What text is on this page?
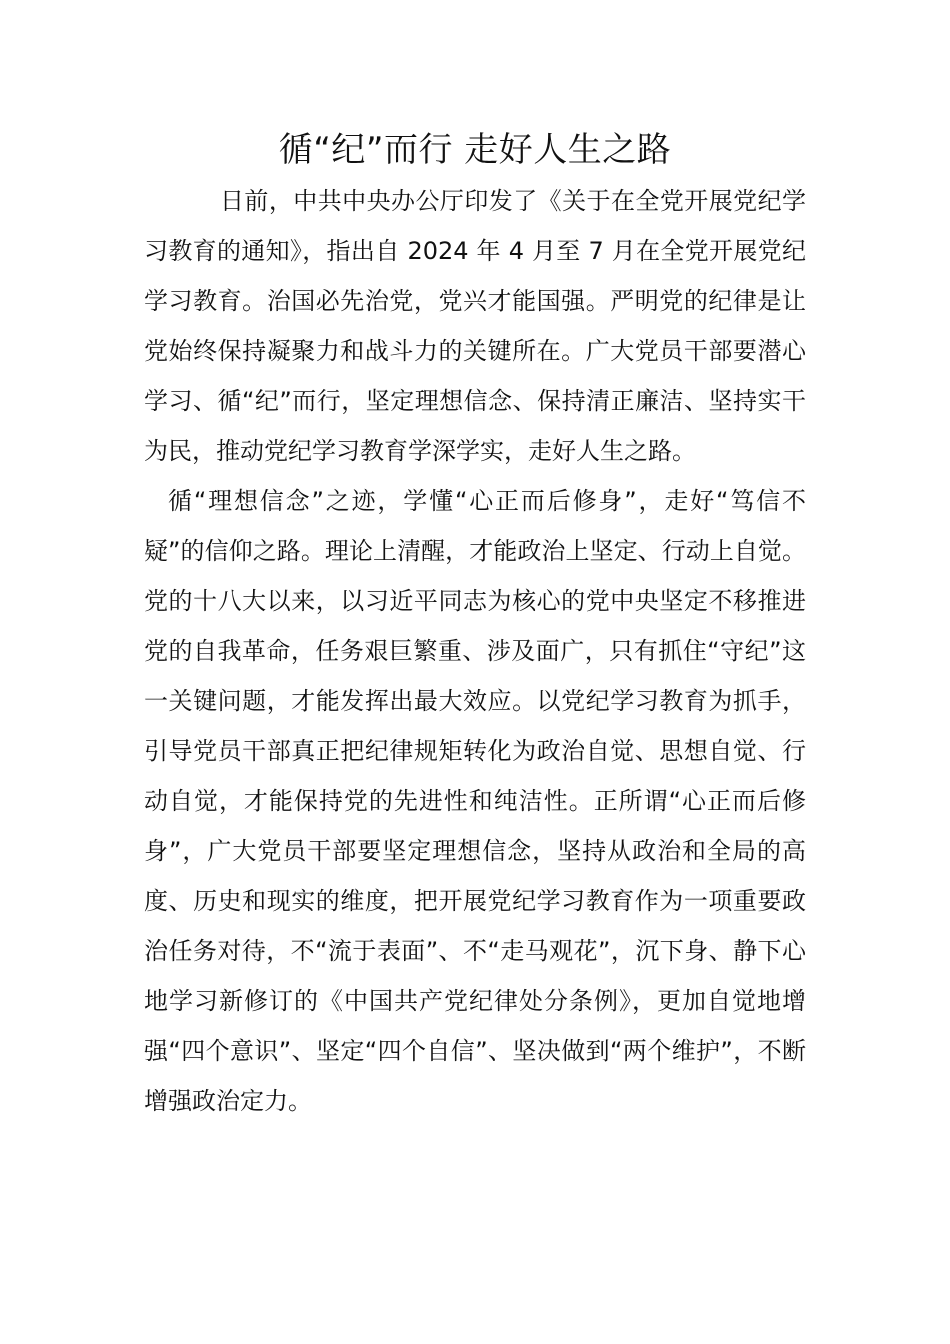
循“纪”而行 走好人生之路

日前，中共中央办公厅印发了《关于在全党开展党纪学习教育的通知》，指出自 2024 年 4 月至 7 月在全党开展党纪学习教育。治国必先治党，党兴才能国强。严明党的纪律是让党始终保持凝聚力和战斗力的关键所在。广大党员干部要潜心学习、循“纪”而行，坚定理想信念、保持清正廉洁、坚持实干为民，推动党纪学习教育学深学实，走好人生之路。

循“理想信念”之迹，学懂“心正而后修身”，走好“笃信不疑”的信仰之路。理论上清醒，才能政治上坚定、行动上自觉。党的十八大以来，以习近平同志为核心的党中央坚定不移推进党的自我革命，任务艰巨繁重、涉及面广，只有抓住“守纪”这一关键问题，才能发挥出最大效应。以党纪学习教育为抓手，引导党员干部真正把纪律规矩转化为政治自觉、思想自觉、行动自觉，才能保持党的先进性和纯洁性。正所谓“心正而后修身”，广大党员干部要坚定理想信念，坚持从政治和全局的高度、历史和现实的维度，把开展党纪学习教育作为一项重要政治任务对待，不“流于表面”、不“走马观花”，沉下身、静下心地学习新修订的《中国共产党纪律处分条例》，更加自觉地增强“四个意识”、坚定“四个自信”、坚决做到“两个维护”，不断增强政治定力。
